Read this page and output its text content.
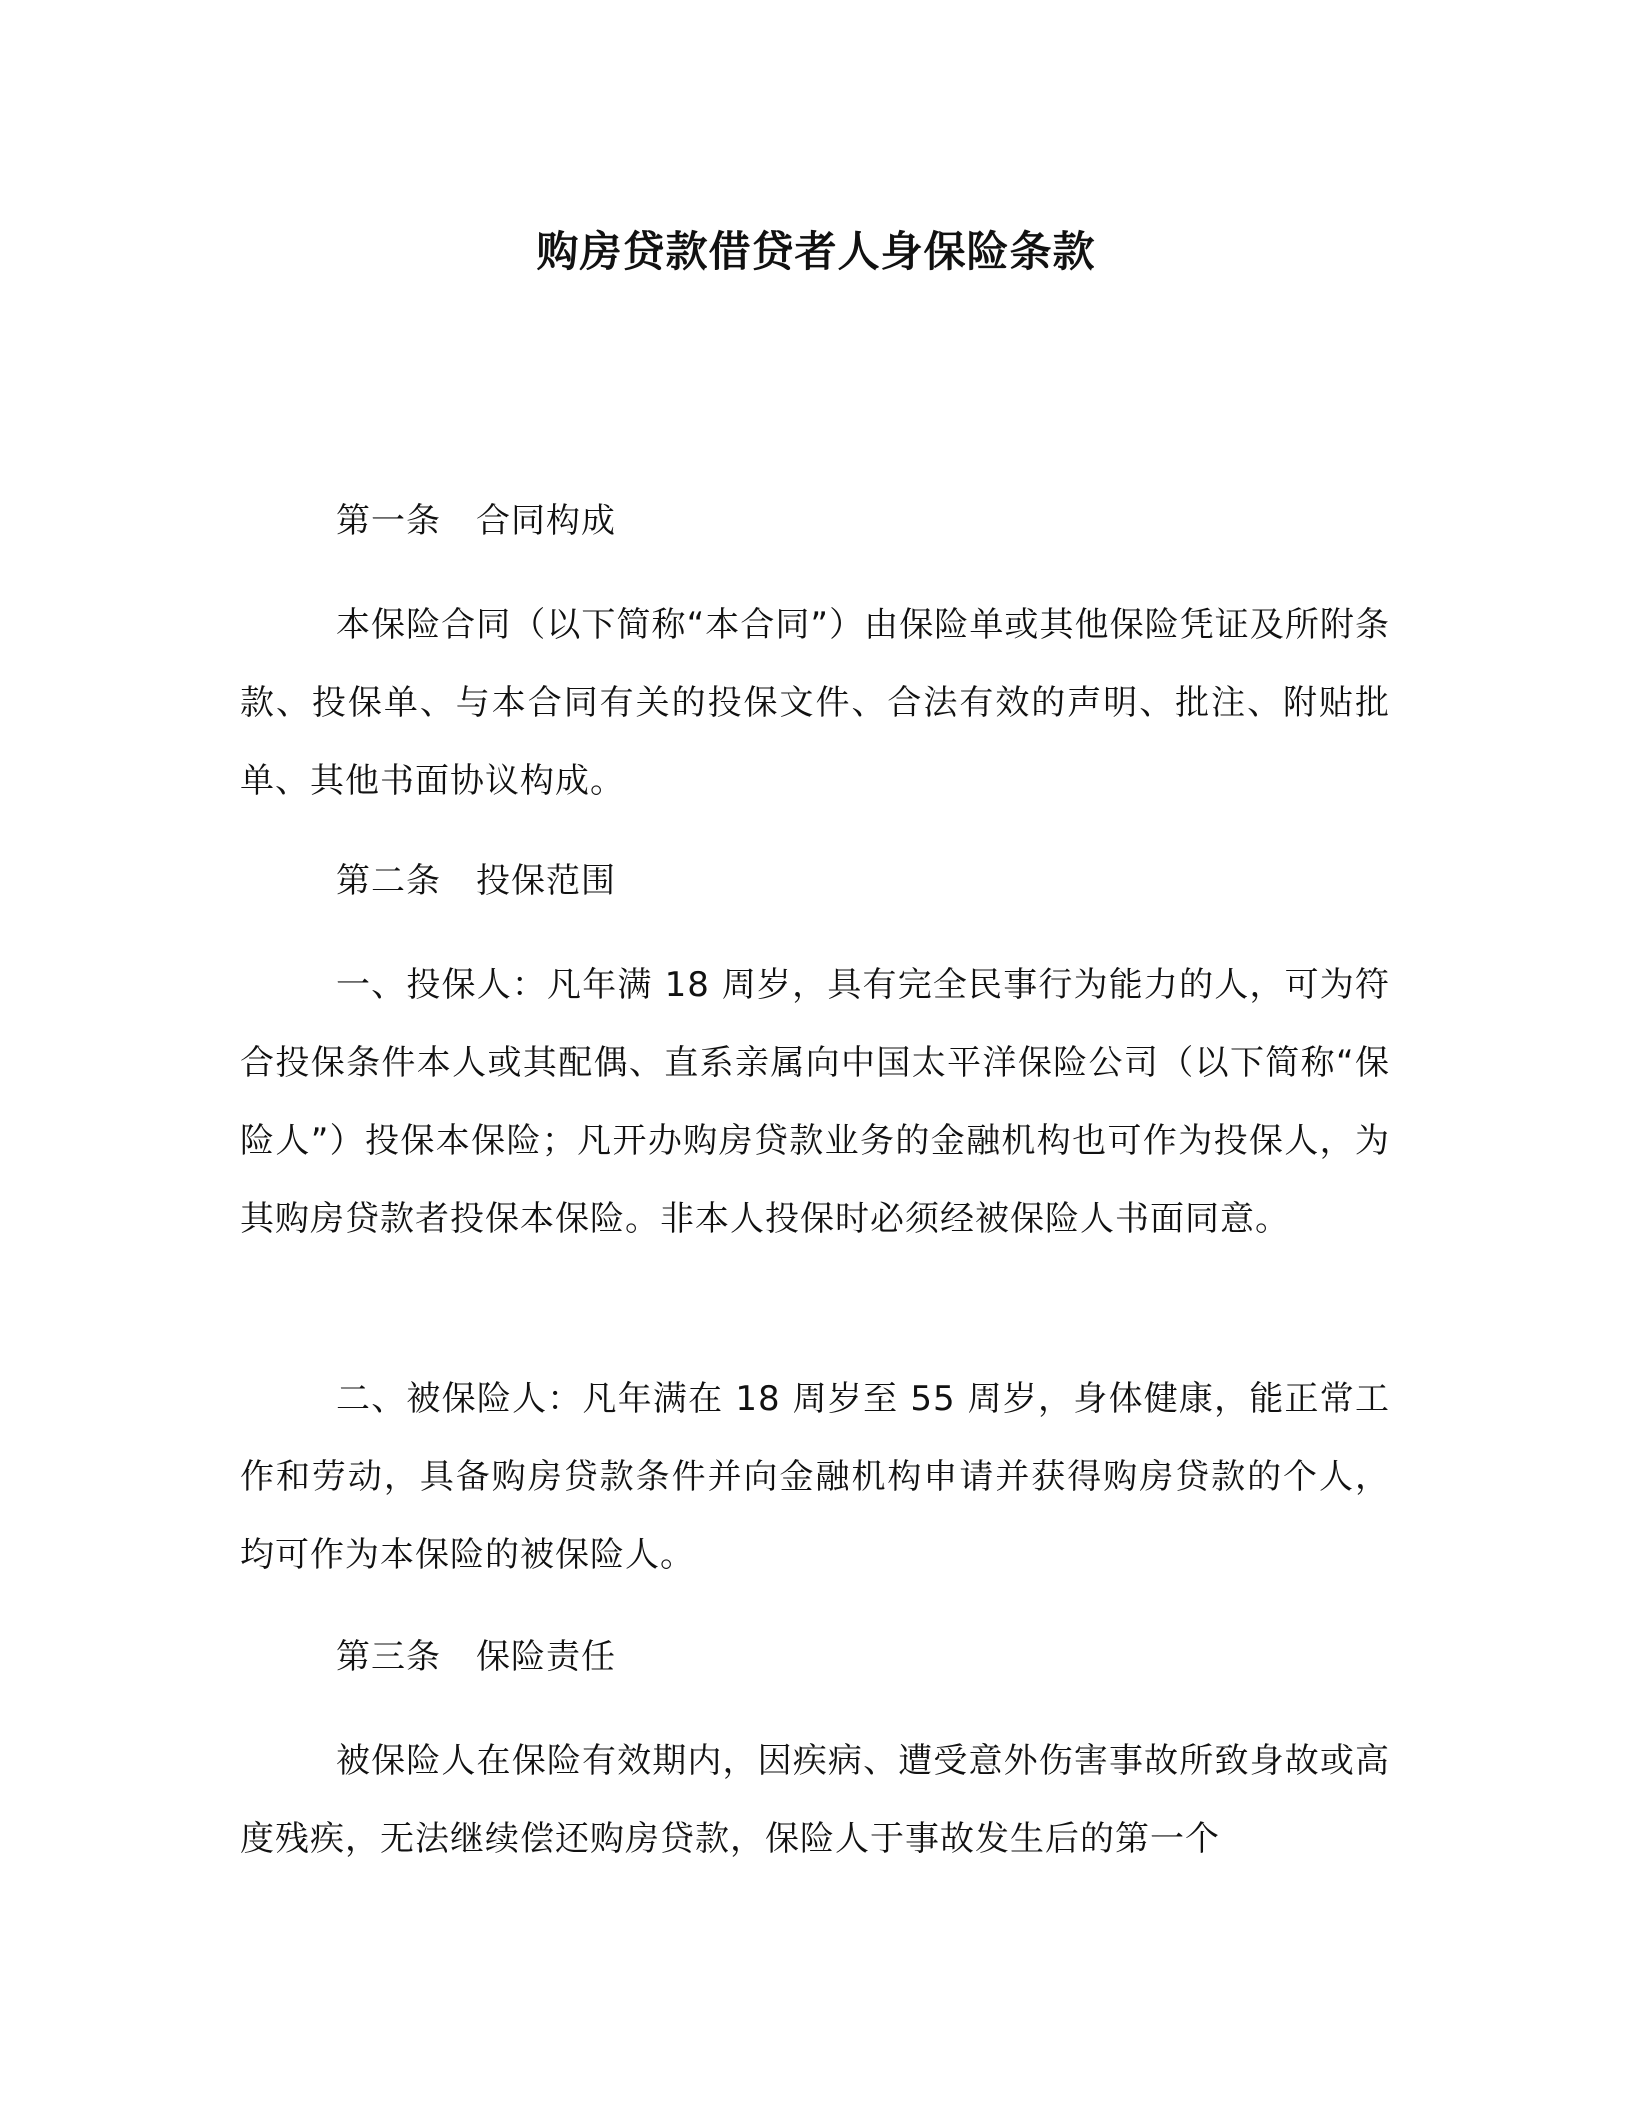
购房贷款借贷者人身保险条款

第一条　合同构成

本保险合同（以下简称“本合同”）由保险单或其他保险凭证及所附条款、投保单、与本合同有关的投保文件、合法有效的声明、批注、附贴批单、其他书面协议构成。

第二条　投保范围

一、投保人：凡年满 18 周岁，具有完全民事行为能力的人，可为符合投保条件本人或其配偶、直系亲属向中国太平洋保险公司（以下简称“保险人”）投保本保险；凡开办购房贷款业务的金融机构也可作为投保人，为其购房贷款者投保本保险。非本人投保时必须经被保险人书面同意。

二、被保险人：凡年满在 18 周岁至 55 周岁，身体健康，能正常工作和劳动，具备购房贷款条件并向金融机构申请并获得购房贷款的个人，均可作为本保险的被保险人。

第三条　保险责任

被保险人在保险有效期内，因疾病、遭受意外伤害事故所致身故或高度残疾，无法继续偿还购房贷款，保险人于事故发生后的第一个
